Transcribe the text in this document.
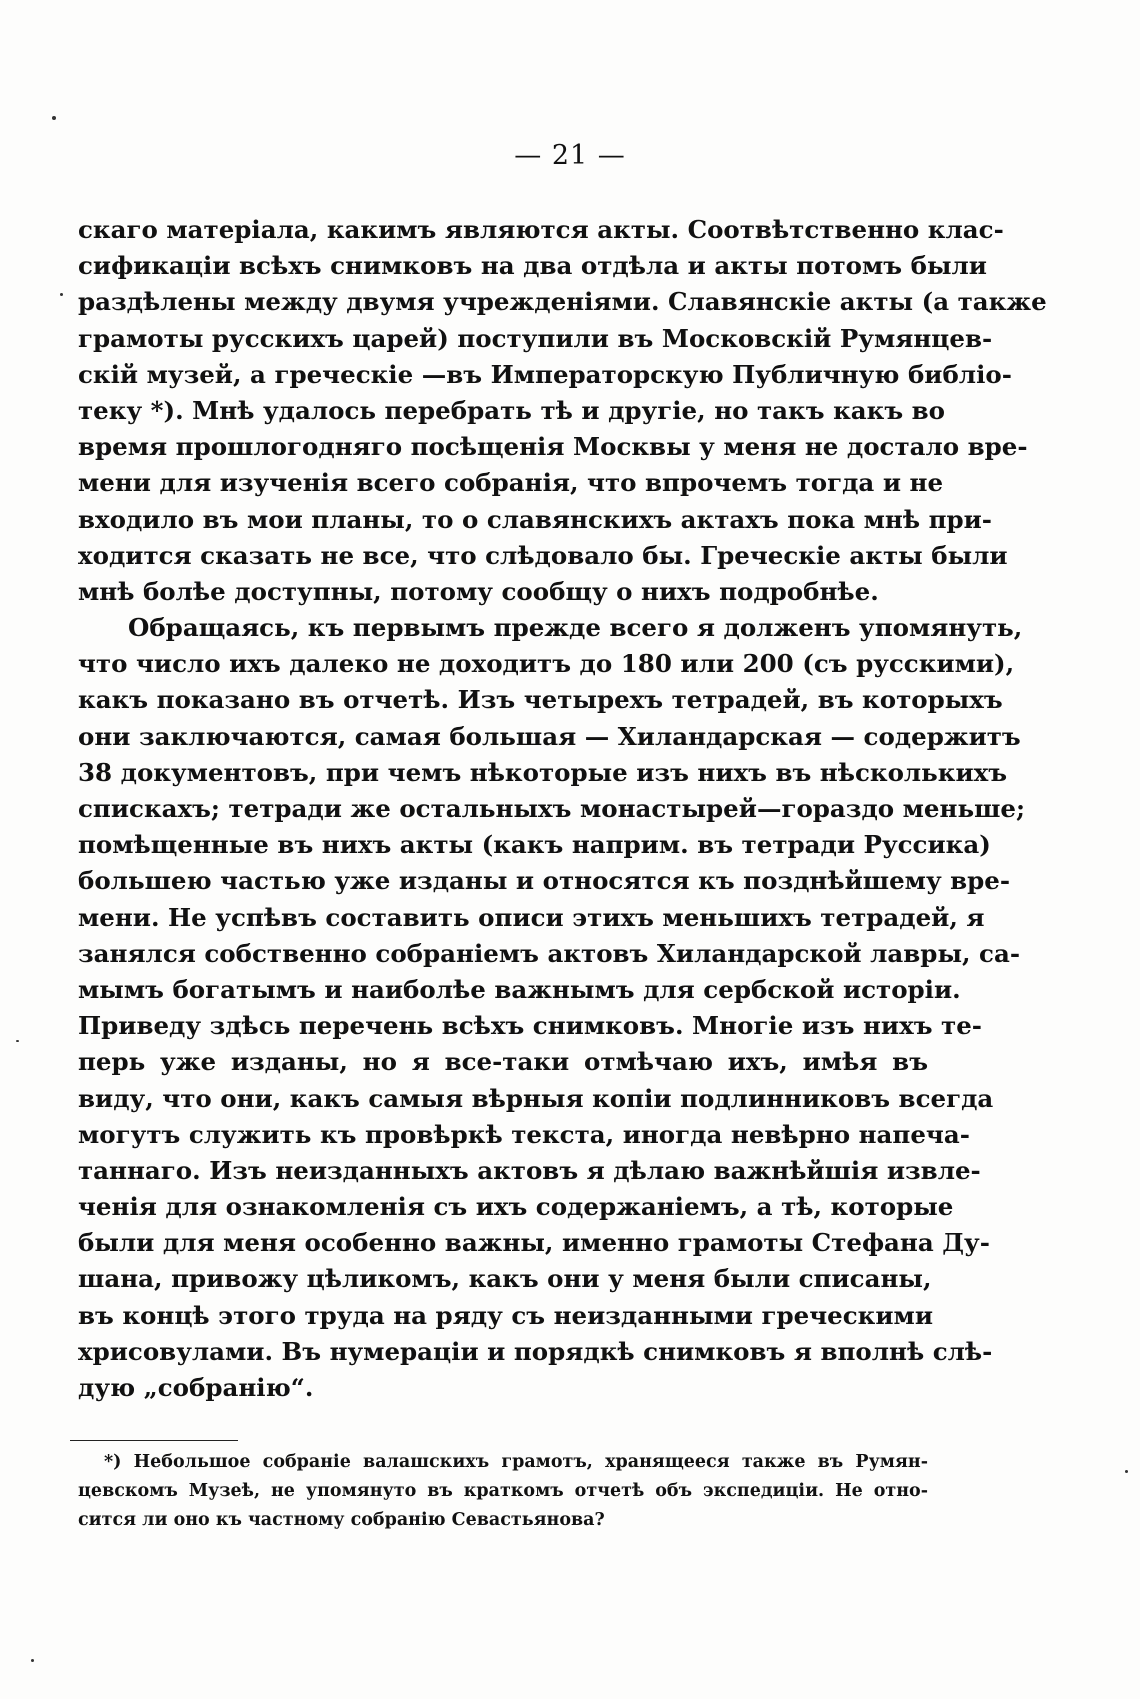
— 21 —
скаго матеріала, какимъ являются акты. Соотвѣтственно клас-
сификаціи всѣхъ снимковъ на два отдѣла и акты потомъ были
раздѣлены между двумя учрежденіями. Славянскіе акты (а также
грамоты русскихъ царей) поступили въ Московскій Румянцев-
скій музей, а греческіе —въ Императорскую Публичную библіо-
теку *). Мнѣ удалось перебрать тѣ и другіе, но такъ какъ во
время прошлогодняго посѣщенія Москвы у меня не достало вре-
мени для изученія всего собранія, что впрочемъ тогда и не
входило въ мои планы, то о славянскихъ актахъ пока мнѣ при-
ходится сказать не все, что слѣдовало бы. Греческіе акты были
мнѣ болѣе доступны, потому сообщу о нихъ подробнѣе.
Обращаясь, къ первымъ прежде всего я долженъ упомянуть,
что число ихъ далеко не доходитъ до 180 или 200 (съ русскими),
какъ показано въ отчетѣ. Изъ четырехъ тетрадей, въ которыхъ
они заключаются, самая большая — Хиландарская — содержитъ
38 документовъ, при чемъ нѣкоторые изъ нихъ въ нѣсколькихъ
спискахъ; тетради же остальныхъ монастырей—гораздо меньше;
помѣщенные въ нихъ акты (какъ наприм. въ тетради Руссика)
большею частью уже изданы и относятся къ позднѣйшему вре-
мени. Не успѣвъ составить описи этихъ меньшихъ тетрадей, я
занялся собственно собраніемъ актовъ Хиландарской лавры, са-
мымъ богатымъ и наиболѣе важнымъ для сербской исторіи.
Приведу здѣсь перечень всѣхъ снимковъ. Многіе изъ нихъ те-
перь уже изданы, но я все-таки отмѣчаю ихъ, имѣя въ
виду, что они, какъ самыя вѣрныя копіи подлинниковъ всегда
могутъ служить къ провѣркѣ текста, иногда невѣрно напеча-
таннаго. Изъ неизданныхъ актовъ я дѣлаю важнѣйшія извле-
ченія для ознакомленія съ ихъ содержаніемъ, а тѣ, которые
были для меня особенно важны, именно грамоты Стефана Ду-
шана, привожу цѣликомъ, какъ они у меня были списаны,
въ концѣ этого труда на ряду съ неизданными греческими
хрисовулами. Въ нумераціи и порядкѣ снимковъ я вполнѣ слѣ-
дую „собранію“.
*) Небольшое собраніе валашскихъ грамотъ, хранящееся также въ Румян-
цевскомъ Музеѣ, не упомянуто въ краткомъ отчетѣ объ экспедиціи. Не отно-
сится ли оно къ частному собранію Севастьянова?
